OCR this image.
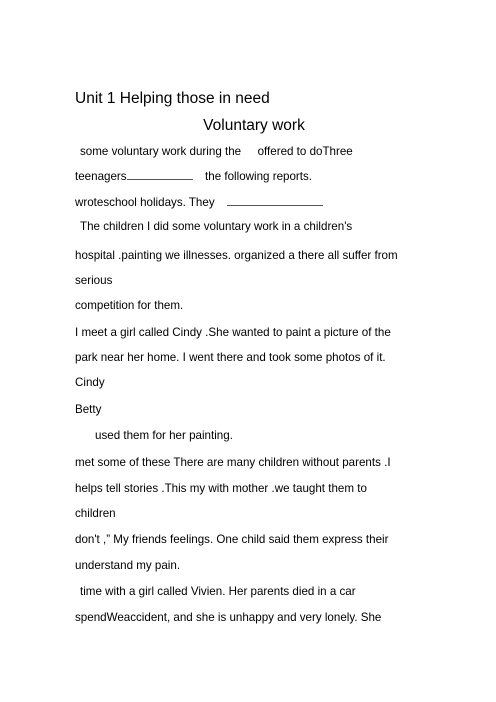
Unit 1 Helping those in need
Voluntary work
some voluntary work during the offered to doThree
teenagers	the following reports.
wroteschool holidays. They
The children I did some voluntary work in a children's
hospital .painting we illnesses. organized a there all suffer from
serious
competition for them.
I meet a girl called Cindy .She wanted to paint a picture of the
park near her home. I went there and took some photos of it.
Cindy
Betty
used them for her painting.
met some of these There are many children without parents .I
helps tell stories .This my with mother .we taught them to
children
don't ,” My friends feelings. One child said them express their
understand my pain.
time with a girl called Vivien. Her parents died in a car
spendWeaccident, and she is unhappy and very lonely. She
